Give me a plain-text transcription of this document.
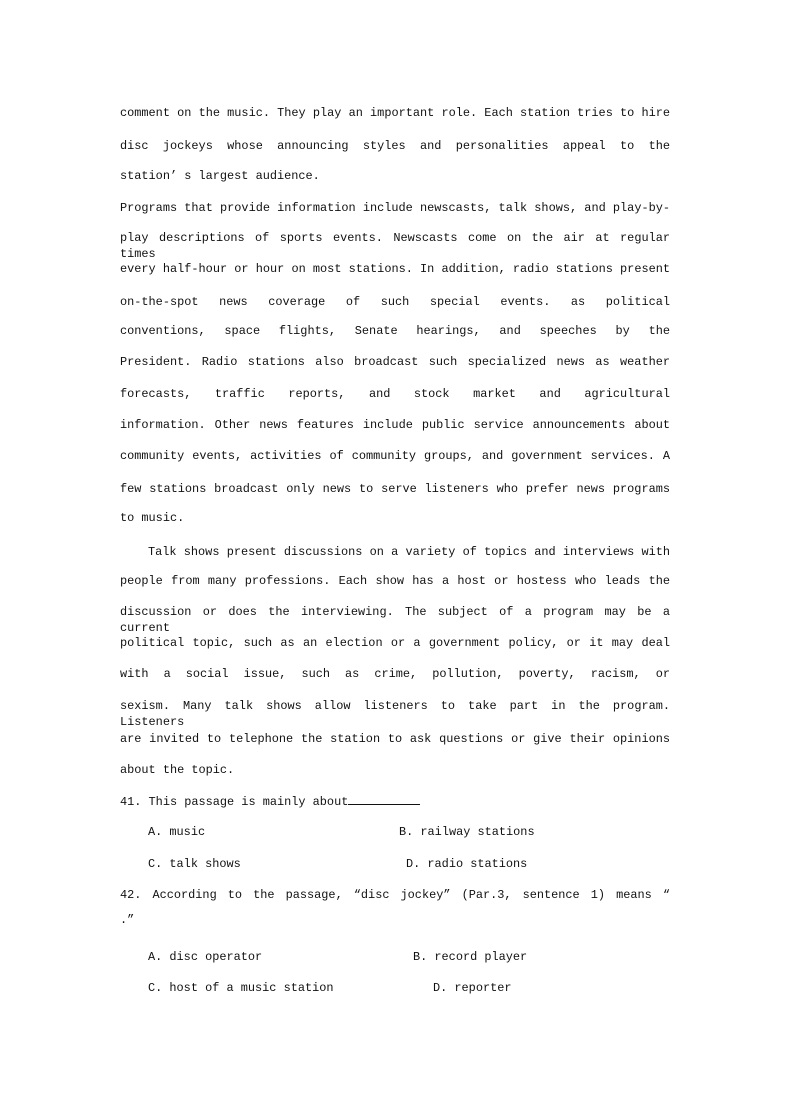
comment on the music. They play an important role. Each station tries to hire
disc jockeys whose announcing styles and personalities appeal to the
station’ s largest audience.
Programs that provide information include newscasts, talk shows, and play-by-
play descriptions of sports events. Newscasts come on the air at regular times
every half-hour or hour on most stations. In addition, radio stations present
on-the-spot news coverage of such special events. as political
conventions, space flights, Senate hearings, and speeches by the
President. Radio stations also broadcast such specialized news as weather
forecasts, traffic reports, and stock market and agricultural
information. Other news features include public service announcements about
community events, activities of community groups, and government services. A
few stations broadcast only news to serve listeners who prefer news programs
to music.
Talk shows present discussions on a variety of topics and interviews with
people from many professions. Each show has a host or hostess who leads the
discussion or does the interviewing. The subject of a program may be a current
political topic, such as an election or a government policy, or it may deal
with a social issue, such as crime, pollution, poverty, racism, or
sexism. Many talk shows allow listeners to take part in the program. Listeners
are invited to telephone the station to ask questions or give their opinions
about the topic.
41. This passage is mainly about
A. music	B. railway stations
C. talk shows	D. radio stations
42. According to the passage, “disc jockey” (Par.3, sentence 1) means “
.”
A. disc operator	B. record player
C. host of a music station	D. reporter
